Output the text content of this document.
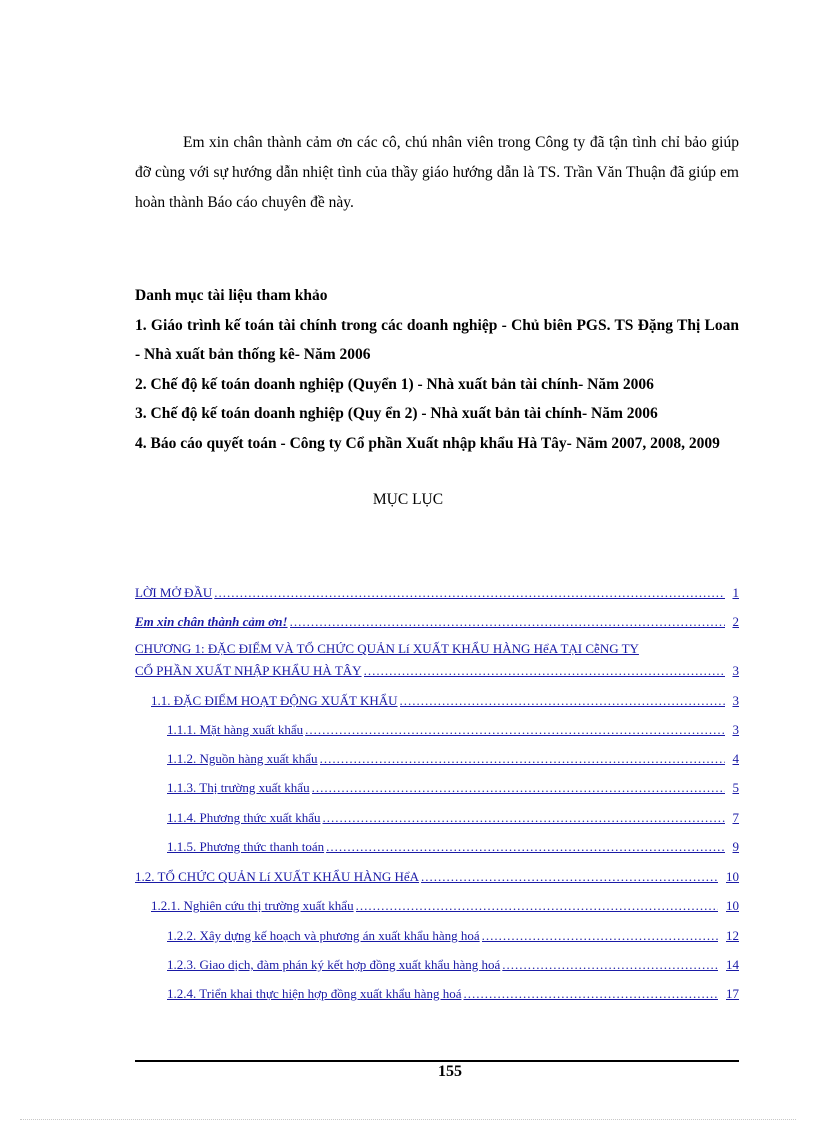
Em xin chân thành cảm ơn các cô, chú nhân viên trong Công ty đã tận tình chỉ bảo giúp đỡ cùng với sự hướng dẫn nhiệt tình của thầy giáo hướng dẫn là TS. Trần Văn Thuận đã giúp em hoàn thành Báo cáo chuyên đề này.

Danh mục tài liệu tham khảo

1. Giáo trình kế toán tài chính trong các doanh nghiệp - Chủ biên PGS. TS Đặng Thị Loan - Nhà xuất bản thống kê- Năm 2006

2. Chế độ kế toán doanh nghiệp (Quyển 1) - Nhà xuất bản tài chính- Năm 2006

3. Chế độ kế toán doanh nghiệp (Quy ển 2) - Nhà xuất bản tài chính- Năm 2006

4. Báo cáo quyết toán - Công ty Cổ phần Xuất nhập khẩu Hà Tây- Năm 2007, 2008, 2009

MỤC LỤC
LỜI MỞ ĐẦU .....	1
Em xin chân thành cảm ơn! .....	2
CHƯƠNG 1: ĐẶC ĐIỂM VÀ TỔ CHỨC QUẢN Lí XUẤT KHẨU HÀNG HểA TẠI CễNG TY
CỔ PHẦN XUẤT NHẬP KHẨU HÀ TÂY .....	3
1.1. ĐẶC ĐIỂM HOẠT ĐỘNG XUẤT KHẨU .....	3
1.1.1. Mặt hàng xuất khẩu .....	3
1.1.2. Nguồn hàng xuất khẩu .....	4
1.1.3. Thị trường xuất khẩu .....	5
1.1.4. Phương thức xuất khẩu .....	7
1.1.5. Phương thức thanh toán .....	9
1.2. TỔ CHỨC QUẢN Lí XUẤT KHẨU HÀNG HểA .....	10
1.2.1. Nghiên cứu thị trường xuất khẩu .....	10
1.2.2. Xây dựng kế hoạch và phương án xuất khẩu hàng hoá .....	12
1.2.3. Giao dịch, đàm phán ký kết hợp đồng xuất khẩu hàng hoá .....	14
1.2.4. Triển khai thực hiện hợp đồng xuất khẩu hàng hoá .....	17
155
